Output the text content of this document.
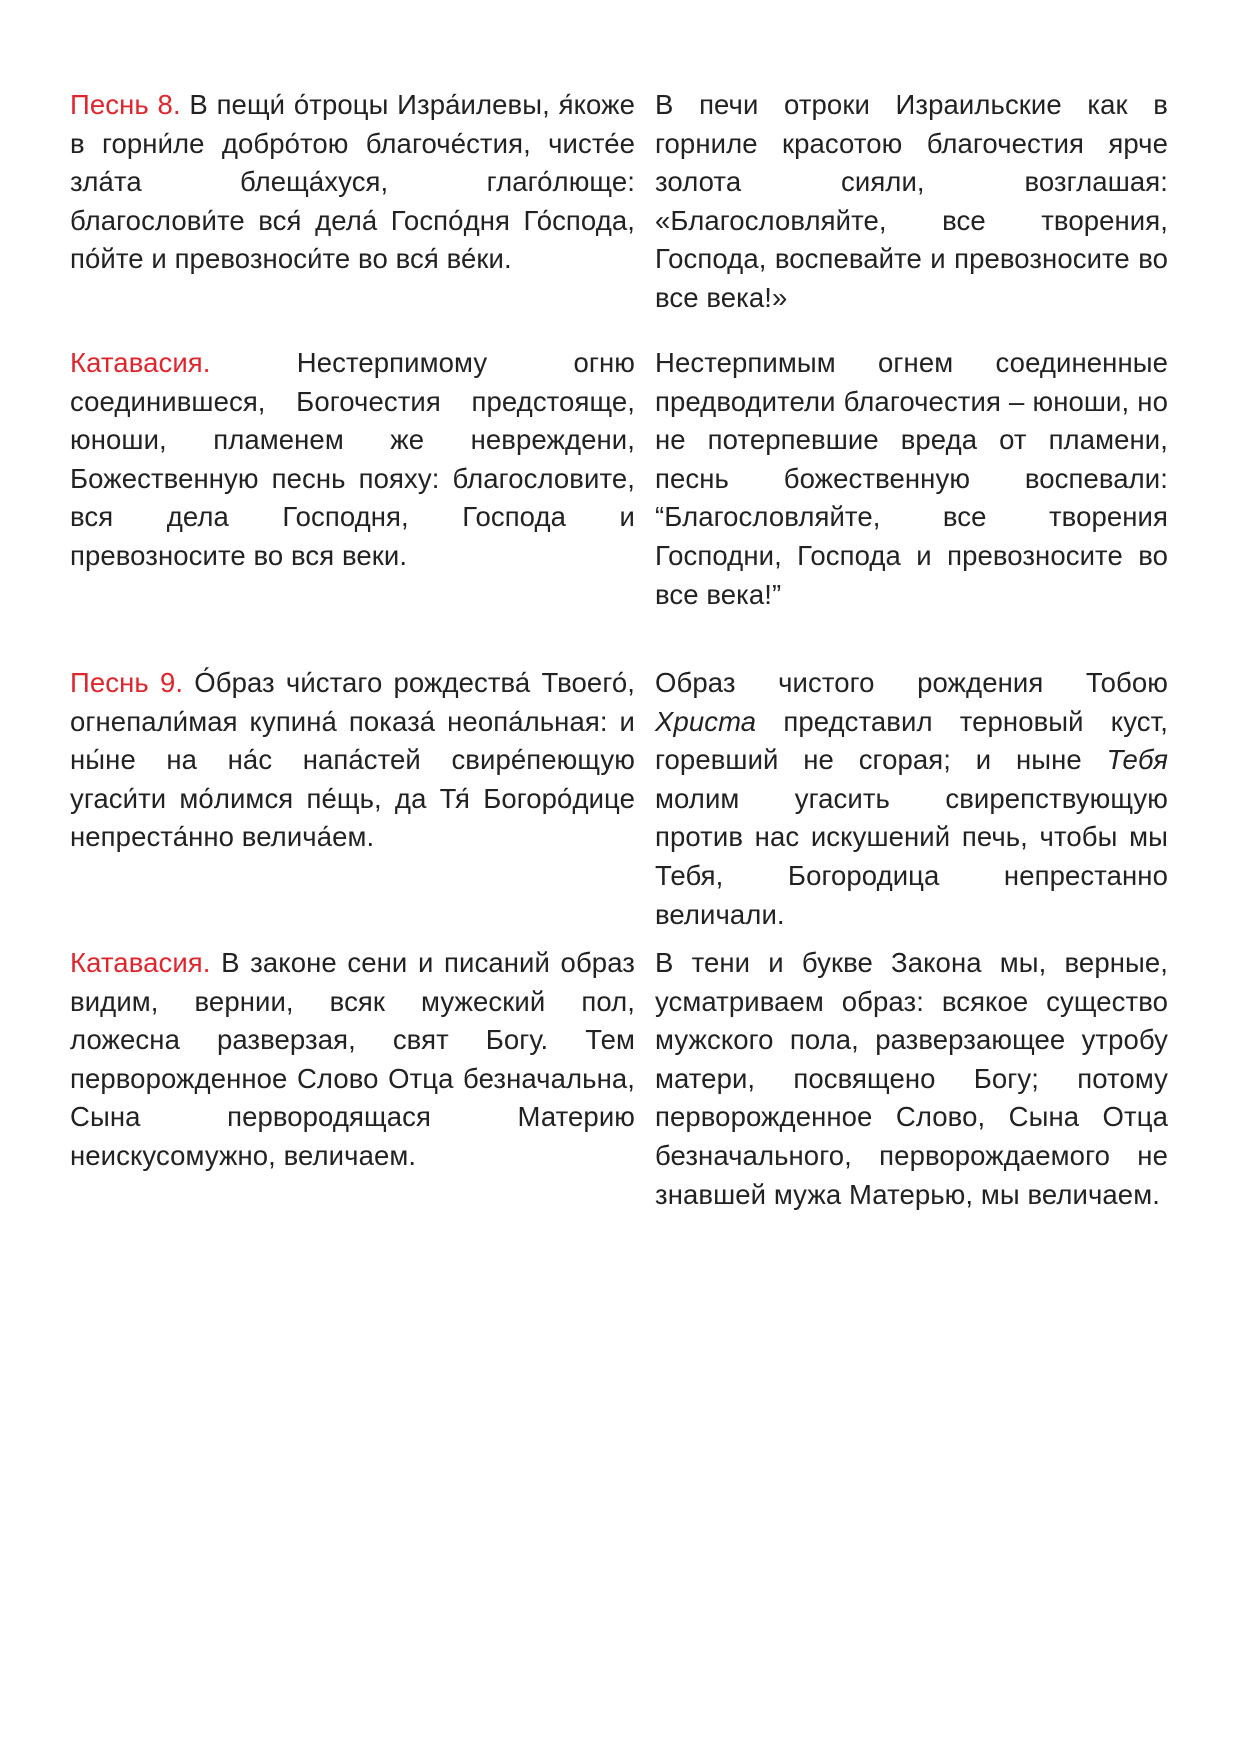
Песнь 8. В пещи́ о́троцы Изра́илевы, я́коже в горни́ле добро́тою благоче́стия, чисте́е зла́та блеща́хуся, глаго́люще: благослови́те вся́ дела́ Госпо́дня Го́спода, по́йте и превозноси́те во вся́ ве́ки.
В печи отроки Израильские как в горниле красотою благочестия ярче золота сияли, возглашая: «Благословляйте, все творения, Господа, воспевайте и превозносите во все века!»
Катавасия. Нестерпимому огню соединившеся, Богочестия предстояще, юноши, пламенем же невреждени, Божественную песнь пояху: благословите, вся дела Господня, Господа и превозносите во вся веки.
Нестерпимым огнем соединенные предводители благочестия – юноши, но не потерпевшие вреда от пламени, песнь божественную воспевали: “Благословляйте, все творения Господни, Господа и превозносите во все века!”
Песнь 9. О́браз чи́стаго рождества́ Твоего́, огнепали́мая купина́ показа́ неопа́льная: и ны́не на на́с напа́стей свире́пеющую угаси́ти мо́лимся пе́щь, да Тя́ Богоро́дице непреста́нно велича́ем.
Образ чистого рождения Тобою Христа представил терновый куст, горевший не сгорая; и ныне Тебя молим угасить свирепствующую против нас искушений печь, чтобы мы Тебя, Богородица непрестанно величали.
Катавасия. В законе сени и писаний образ видим, вернии, всяк мужеский пол, ложесна разверзая, свят Богу. Тем перворожденное Слово Отца безначальна, Сына первородящася Материю неискусомужно, величаем.
В тени и букве Закона мы, верные, усматриваем образ: всякое существо мужского пола, разверзающее утробу матери, посвящено Богу; потому перворожденное Слово, Сына Отца безначального, перворождаемого не знавшей мужа Матерью, мы величаем.
